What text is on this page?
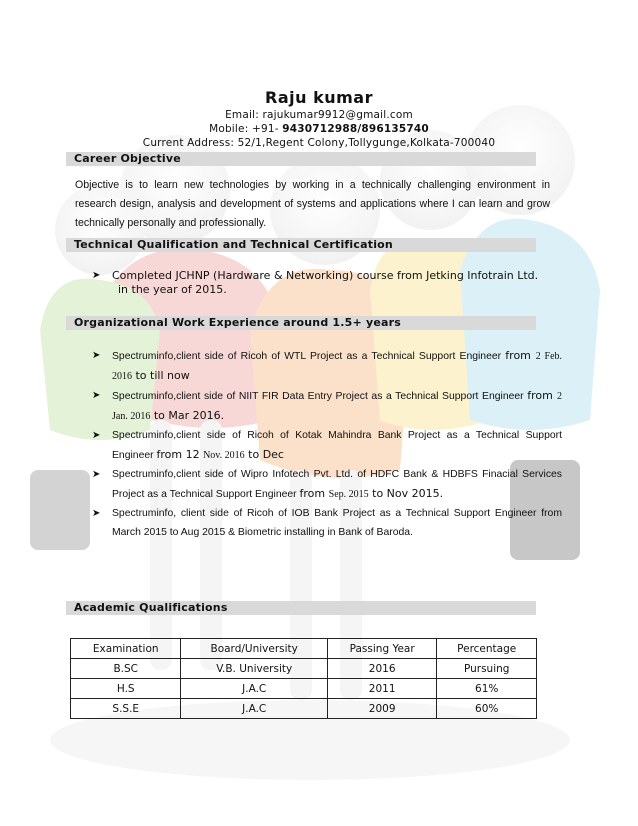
Raju kumar
Email: rajukumar9912@gmail.com
Mobile: +91- 9430712988/896135740
Current Address: 52/1,Regent Colony,Tollygunge,Kolkata-700040
Career Objective
Objective is to learn new technologies by working in a technically challenging environment in research design, analysis and development of systems and applications where I can learn and grow technically personally and professionally.
Technical Qualification and Technical Certification
➤	Completed JCHNP (Hardware & Networking) course from Jetking Infotrain Ltd.
in the year of 2015.
Organizational Work Experience around 1.5+ years
➤ Spectruminfo,client side of Ricoh of WTL Project as a Technical Support Engineer from 2 Feb. 2016 to till now
➤ Spectruminfo,client side of NIIT FIR Data Entry Project as a Technical Support Engineer from 2 Jan. 2016 to Mar 2016.
➤ Spectruminfo,client side of Ricoh of Kotak Mahindra Bank Project as a Technical Support Engineer from 12 Nov. 2016 to Dec
➤ Spectruminfo,client side of Wipro Infotech Pvt. Ltd. of HDFC Bank & HDBFS Finacial Services Project as a Technical Support Engineer from Sep. 2015 to Nov 2015.
➤ Spectruminfo, client side of Ricoh of IOB Bank Project as a Technical Support Engineer from March 2015 to Aug 2015 & Biometric installing in Bank of Baroda.
Academic Qualifications
Examination	Board/University	Passing Year	Percentage
B.SC	V.B. University	2016	Pursuing
H.S	J.A.C	2011	61%
S.S.E	J.A.C	2009	60%
